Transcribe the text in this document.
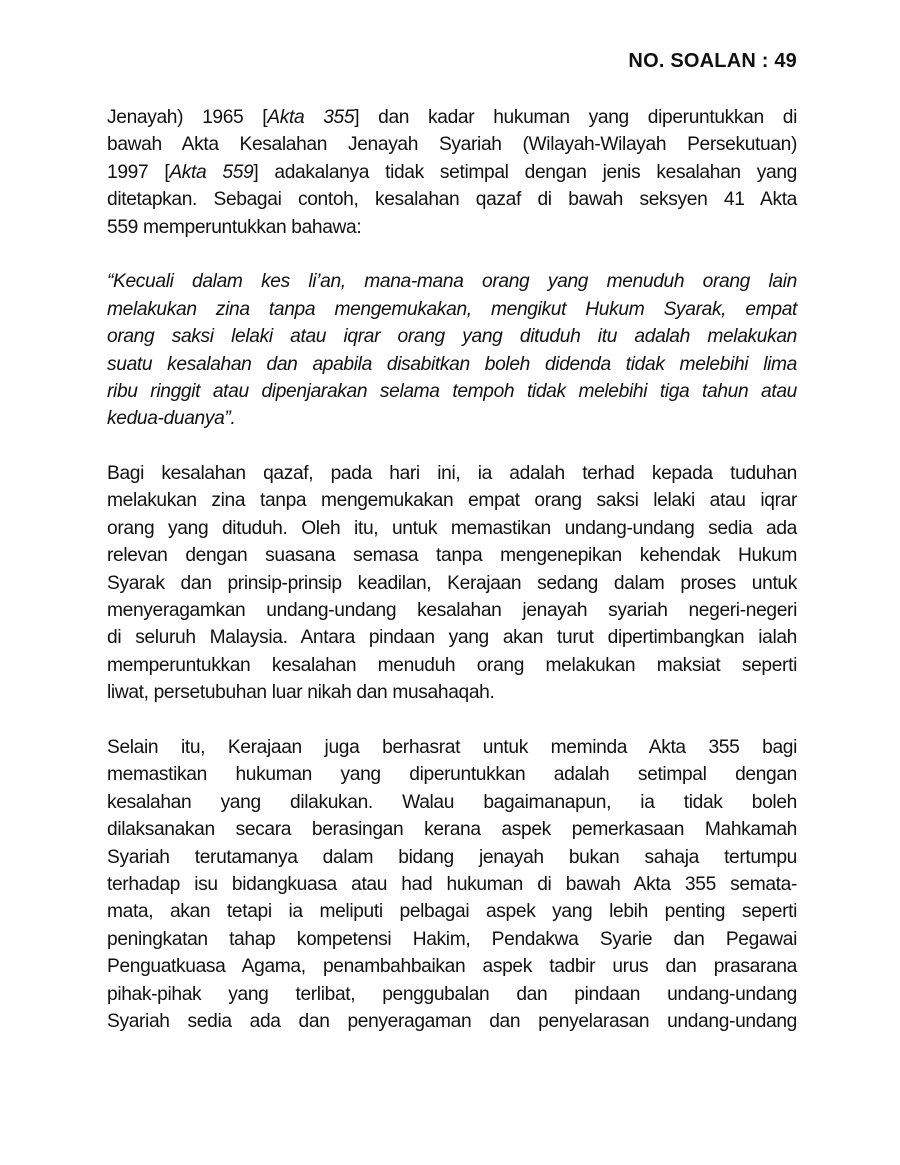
NO. SOALAN : 49
Jenayah) 1965 [Akta 355] dan kadar hukuman yang diperuntukkan di
bawah Akta Kesalahan Jenayah Syariah (Wilayah-Wilayah Persekutuan)
1997 [Akta 559] adakalanya tidak setimpal dengan jenis kesalahan yang
ditetapkan. Sebagai contoh, kesalahan qazaf di bawah seksyen 41 Akta
559 memperuntukkan bahawa:
“Kecuali dalam kes li’an, mana-mana orang yang menuduh orang lain
melakukan zina tanpa mengemukakan, mengikut Hukum Syarak, empat
orang saksi lelaki atau iqrar orang yang dituduh itu adalah melakukan
suatu kesalahan dan apabila disabitkan boleh didenda tidak melebihi lima
ribu ringgit atau dipenjarakan selama tempoh tidak melebihi tiga tahun atau
kedua-duanya”.
Bagi kesalahan qazaf, pada hari ini, ia adalah terhad kepada tuduhan
melakukan zina tanpa mengemukakan empat orang saksi lelaki atau iqrar
orang yang dituduh. Oleh itu, untuk memastikan undang-undang sedia ada
relevan dengan suasana semasa tanpa mengenepikan kehendak Hukum
Syarak dan prinsip-prinsip keadilan, Kerajaan sedang dalam proses untuk
menyeragamkan undang-undang kesalahan jenayah syariah negeri-negeri
di seluruh Malaysia. Antara pindaan yang akan turut dipertimbangkan ialah
memperuntukkan kesalahan menuduh orang melakukan maksiat seperti
liwat, persetubuhan luar nikah dan musahaqah.
Selain itu, Kerajaan juga berhasrat untuk meminda Akta 355 bagi
memastikan hukuman yang diperuntukkan adalah setimpal dengan
kesalahan yang dilakukan. Walau bagaimanapun, ia tidak boleh
dilaksanakan secara berasingan kerana aspek pemerkasaan Mahkamah
Syariah terutamanya dalam bidang jenayah bukan sahaja tertumpu
terhadap isu bidangkuasa atau had hukuman di bawah Akta 355 semata-
mata, akan tetapi ia meliputi pelbagai aspek yang lebih penting seperti
peningkatan tahap kompetensi Hakim, Pendakwa Syarie dan Pegawai
Penguatkuasa Agama, penambahbaikan aspek tadbir urus dan prasarana
pihak-pihak yang terlibat, penggubalan dan pindaan undang-undang
Syariah sedia ada dan penyeragaman dan penyelarasan undang-undang
